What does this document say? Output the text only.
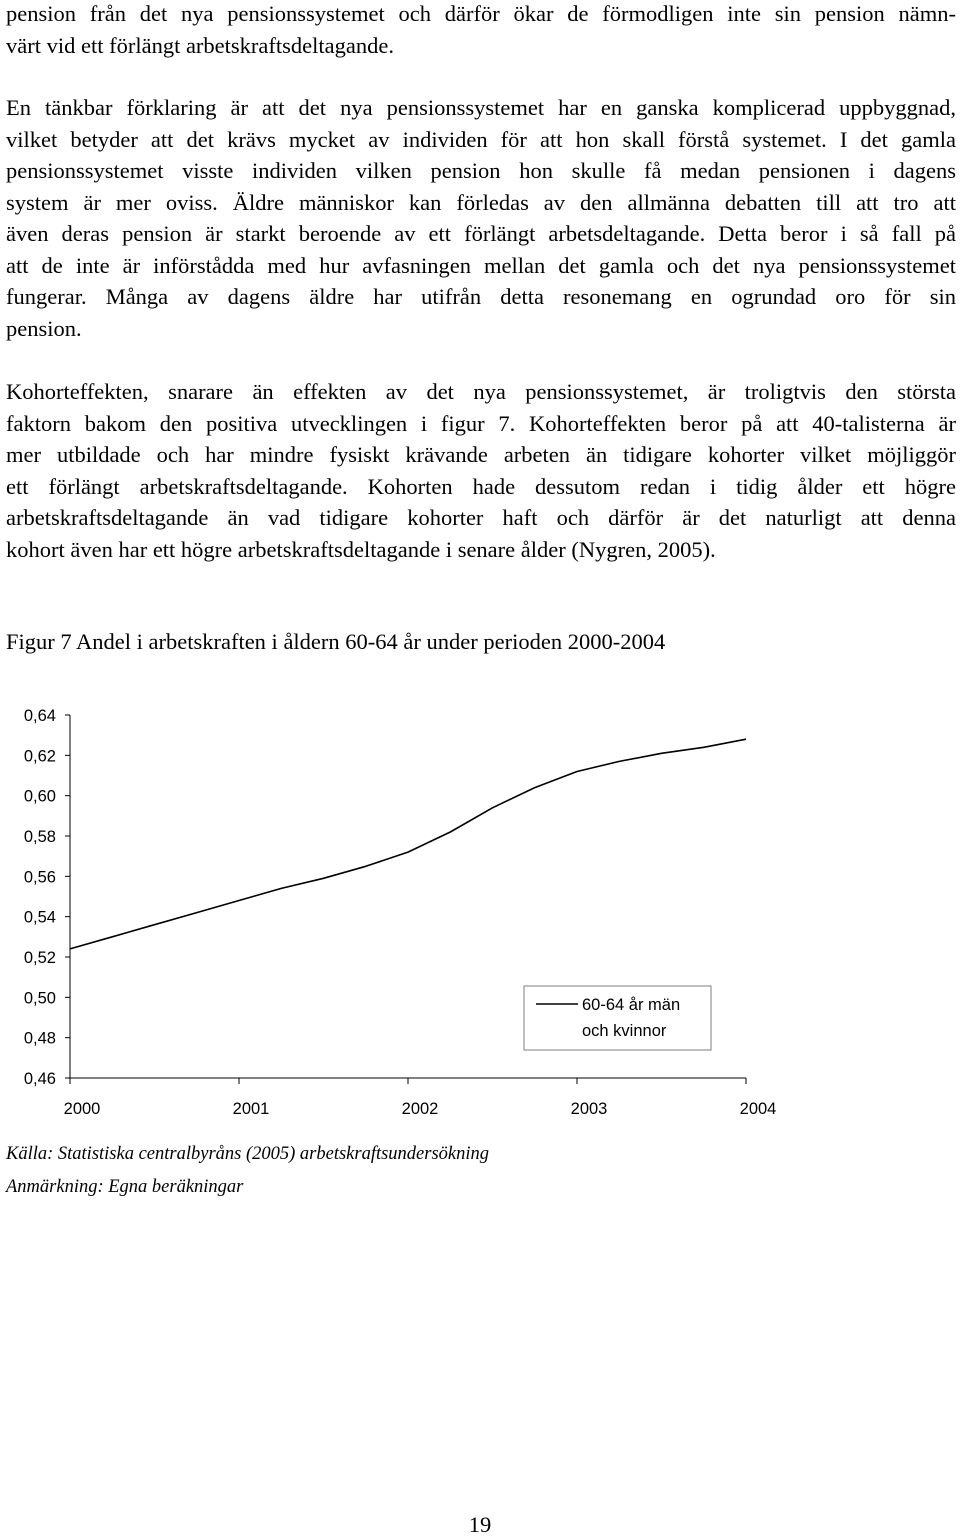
pension från det nya pensionssystemet och därför ökar de förmodligen inte sin pension nämn-
värt vid ett förlängt arbetskraftsdeltagande.
En tänkbar förklaring är att det nya pensionssystemet har en ganska komplicerad uppbyggnad,
vilket betyder att det krävs mycket av individen för att hon skall förstå systemet. I det gamla
pensionssystemet visste individen vilken pension hon skulle få medan pensionen i dagens
system är mer oviss. Äldre människor kan förledas av den allmänna debatten till att tro att
även deras pension är starkt beroende av ett förlängt arbetsdeltagande. Detta beror i så fall på
att de inte är införstådda med hur avfasningen mellan det gamla och det nya pensionssystemet
fungerar. Många av dagens äldre har utifrån detta resonemang en ogrundad oro för sin
pension.
Kohorteffekten, snarare än effekten av det nya pensionssystemet, är troligtvis den största
faktorn bakom den positiva utvecklingen i figur 7. Kohorteffekten beror på att 40-talisterna är
mer utbildade och har mindre fysiskt krävande arbeten än tidigare kohorter vilket möjliggör
ett förlängt arbetskraftsdeltagande. Kohorten hade dessutom redan i tidig ålder ett högre
arbetskraftsdeltagande än vad tidigare kohorter haft och därför är det naturligt att denna
kohort även har ett högre arbetskraftsdeltagande i senare ålder (Nygren, 2005).

Figur 7 Andel i arbetskraften i åldern 60-64 år under perioden 2000-2004

0,46
0,48
0,50
0,52
0,54
0,56
0,58
0,60
0,62
0,64
2000	2001	2002	2003	2004
60-64 år män
och kvinnor

Källa: Statistiska centralbyråns (2005) arbetskraftsundersökning

Anmärkning: Egna beräkningar

19
